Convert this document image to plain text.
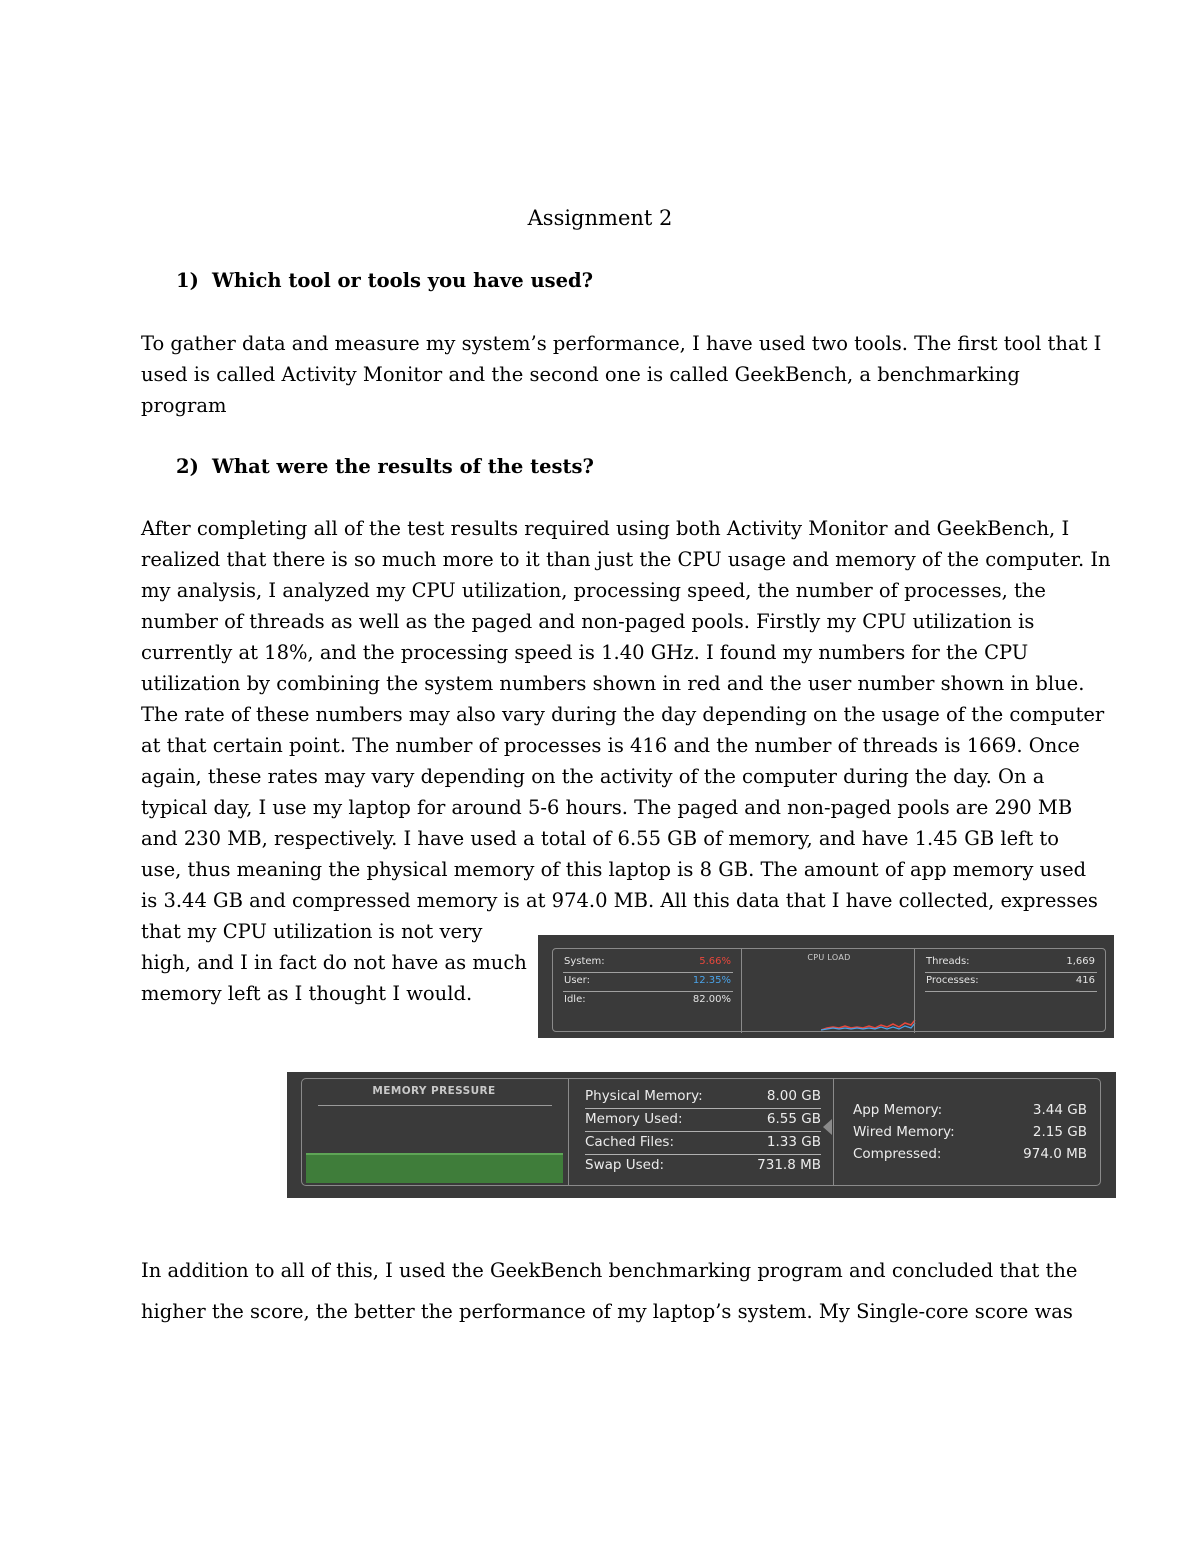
Assignment 2
1) Which tool or tools you have used?
To gather data and measure my system’s performance, I have used two tools. The first tool that I
used is called Activity Monitor and the second one is called GeekBench, a benchmarking
program
2) What were the results of the tests?
After completing all of the test results required using both Activity Monitor and GeekBench, I
realized that there is so much more to it than just the CPU usage and memory of the computer. In
my analysis, I analyzed my CPU utilization, processing speed, the number of processes, the
number of threads as well as the paged and non-paged pools. Firstly my CPU utilization is
currently at 18%, and the processing speed is 1.40 GHz. I found my numbers for the CPU
utilization by combining the system numbers shown in red and the user number shown in blue.
The rate of these numbers may also vary during the day depending on the usage of the computer
at that certain point. The number of processes is 416 and the number of threads is 1669. Once
again, these rates may vary depending on the activity of the computer during the day. On a
typical day, I use my laptop for around 5-6 hours. The paged and non-paged pools are 290 MB
and 230 MB, respectively. I have used a total of 6.55 GB of memory, and have 1.45 GB left to
use, thus meaning the physical memory of this laptop is 8 GB. The amount of app memory used
is 3.44 GB and compressed memory is at 974.0 MB. All this data that I have collected, expresses
that my CPU utilization is not very
high, and I in fact do not have as much
memory left as I thought I would.
System:	5.66%
User:	12.35%
Idle:	82.00%
CPU LOAD	Threads:	1,669
Processes:	416
MEMORY PRESSURE	Physical Memory:	8.00 GB
Memory Used:	6.55 GB
Cached Files:	1.33 GB
Swap Used:	731.8 MB
App Memory:	3.44 GB
Wired Memory:	2.15 GB
Compressed:	974.0 MB
In addition to all of this, I used the GeekBench benchmarking program and concluded that the
higher the score, the better the performance of my laptop’s system. My Single-core score was
